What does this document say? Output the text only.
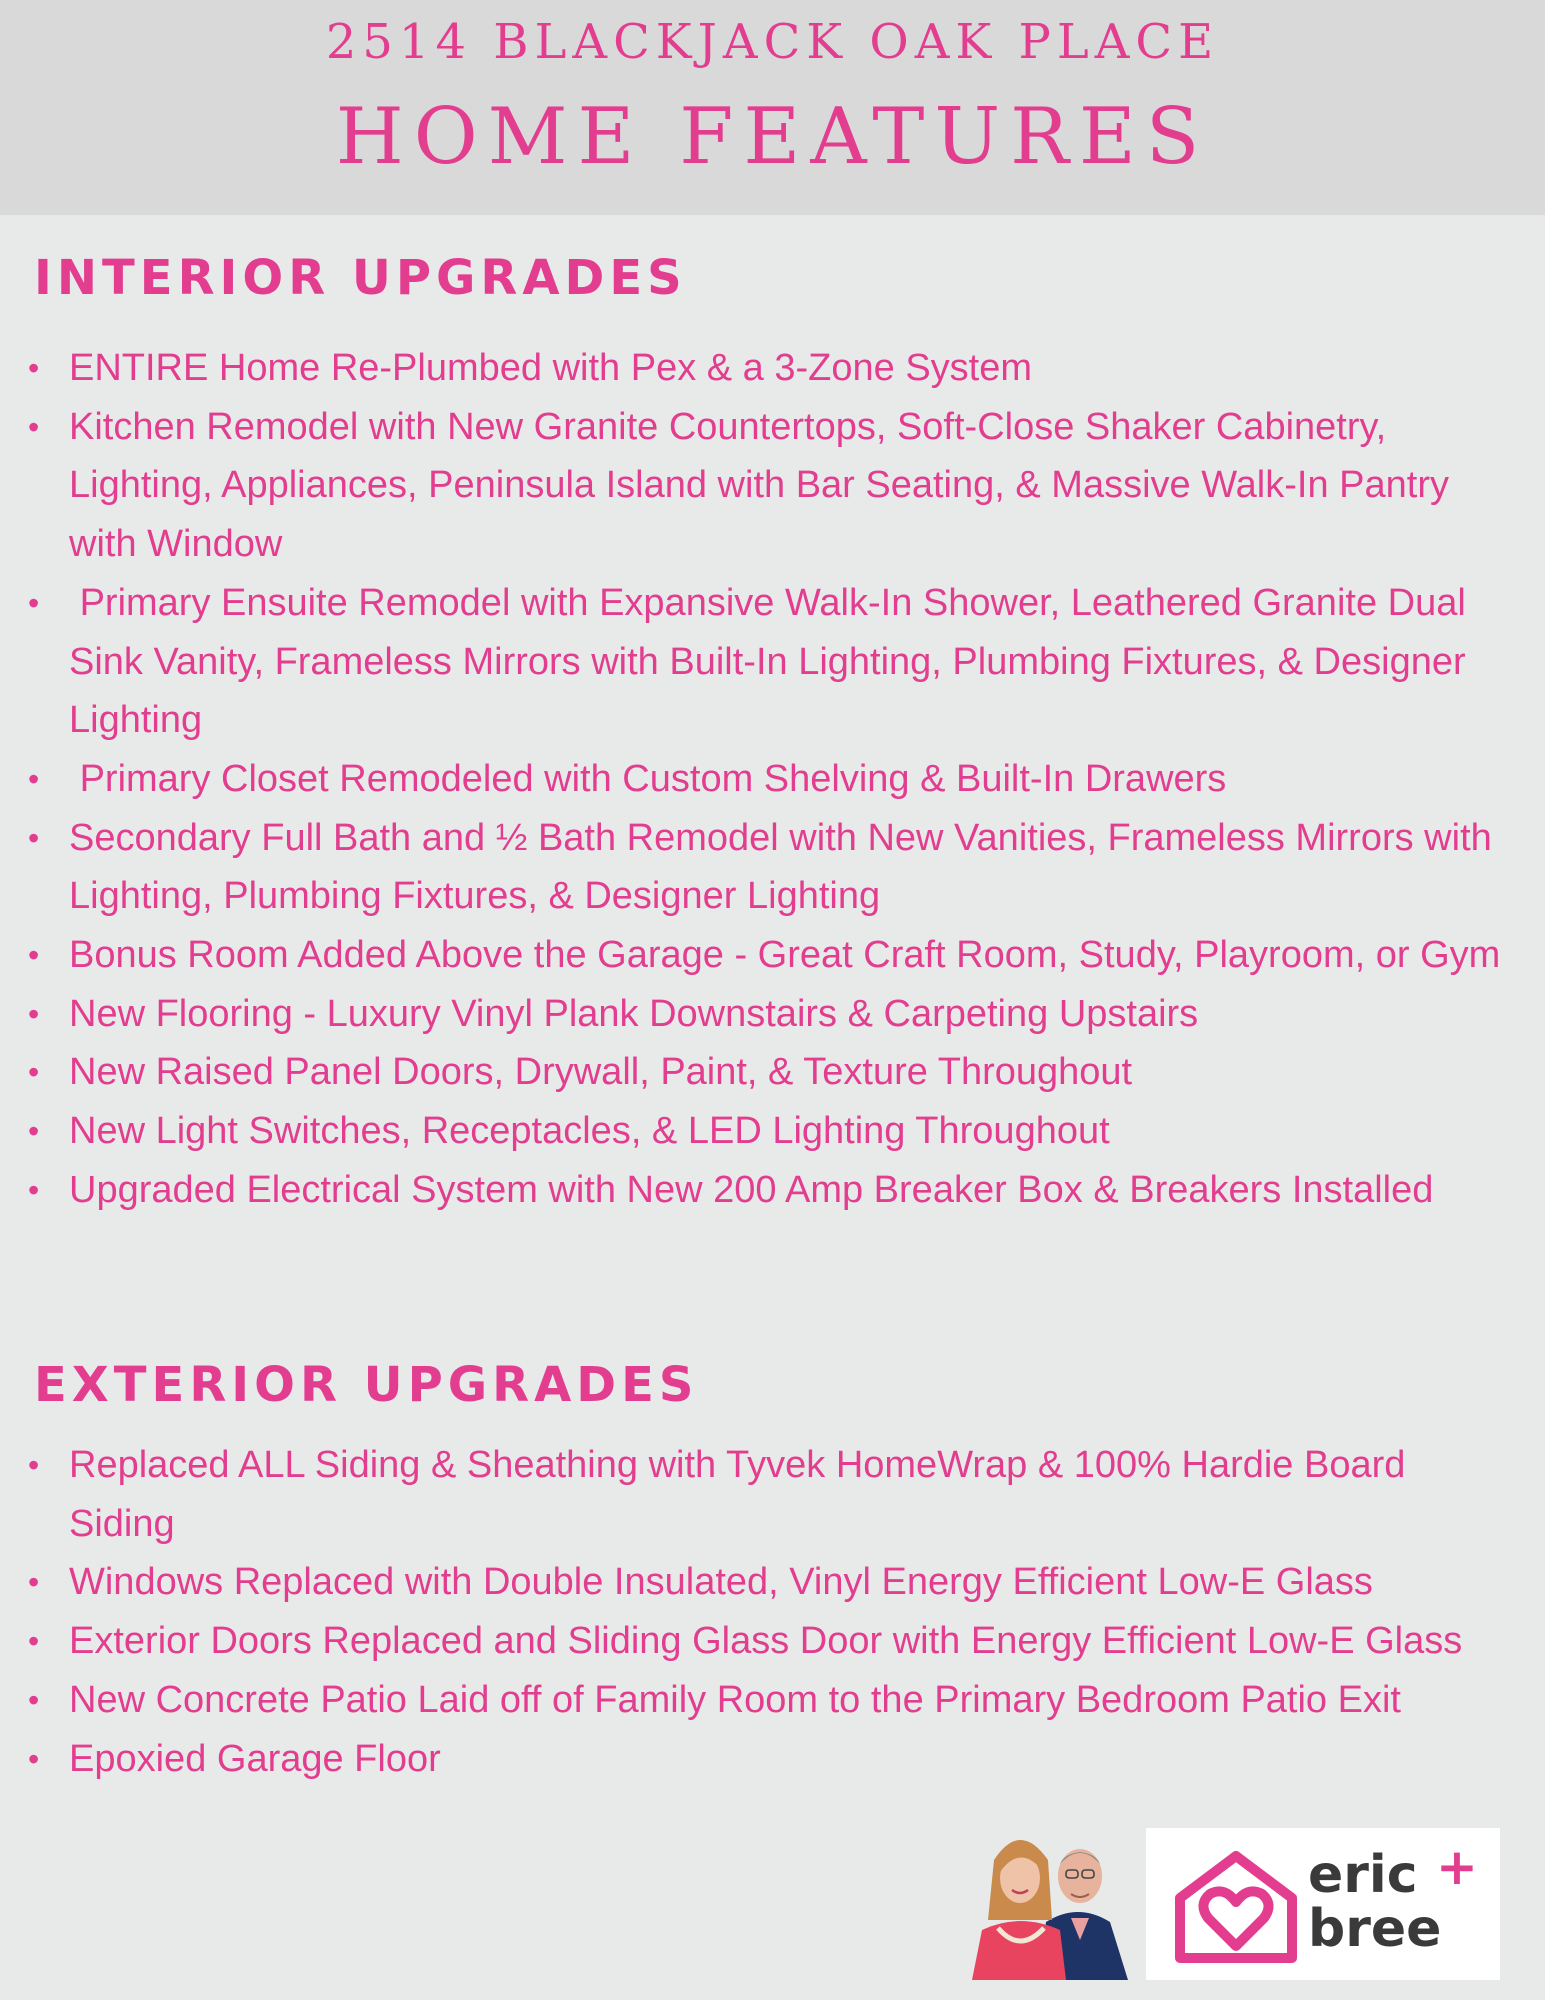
2514 BLACKJACK OAK PLACE
HOME FEATURES
INTERIOR UPGRADES
• ENTIRE Home Re-Plumbed with Pex & a 3-Zone System
• Kitchen Remodel with New Granite Countertops, Soft-Close Shaker Cabinetry, Lighting, Appliances, Peninsula Island with Bar Seating, & Massive Walk-In Pantry with Window
• Primary Ensuite Remodel with Expansive Walk-In Shower, Leathered Granite Dual Sink Vanity, Frameless Mirrors with Built-In Lighting, Plumbing Fixtures, & Designer Lighting
• Primary Closet Remodeled with Custom Shelving & Built-In Drawers
• Secondary Full Bath and ½ Bath Remodel with New Vanities, Frameless Mirrors with Lighting, Plumbing Fixtures, & Designer Lighting
• Bonus Room Added Above the Garage - Great Craft Room, Study, Playroom, or Gym
• New Flooring - Luxury Vinyl Plank Downstairs & Carpeting Upstairs
• New Raised Panel Doors, Drywall, Paint, & Texture Throughout
• New Light Switches, Receptacles, & LED Lighting Throughout
• Upgraded Electrical System with New 200 Amp Breaker Box & Breakers Installed
EXTERIOR UPGRADES
• Replaced ALL Siding & Sheathing with Tyvek HomeWrap & 100% Hardie Board Siding
• Windows Replaced with Double Insulated, Vinyl Energy Efficient Low-E Glass
• Exterior Doors Replaced and Sliding Glass Door with Energy Efficient Low-E Glass
• New Concrete Patio Laid off of Family Room to the Primary Bedroom Patio Exit
• Epoxied Garage Floor
eric +
bree
